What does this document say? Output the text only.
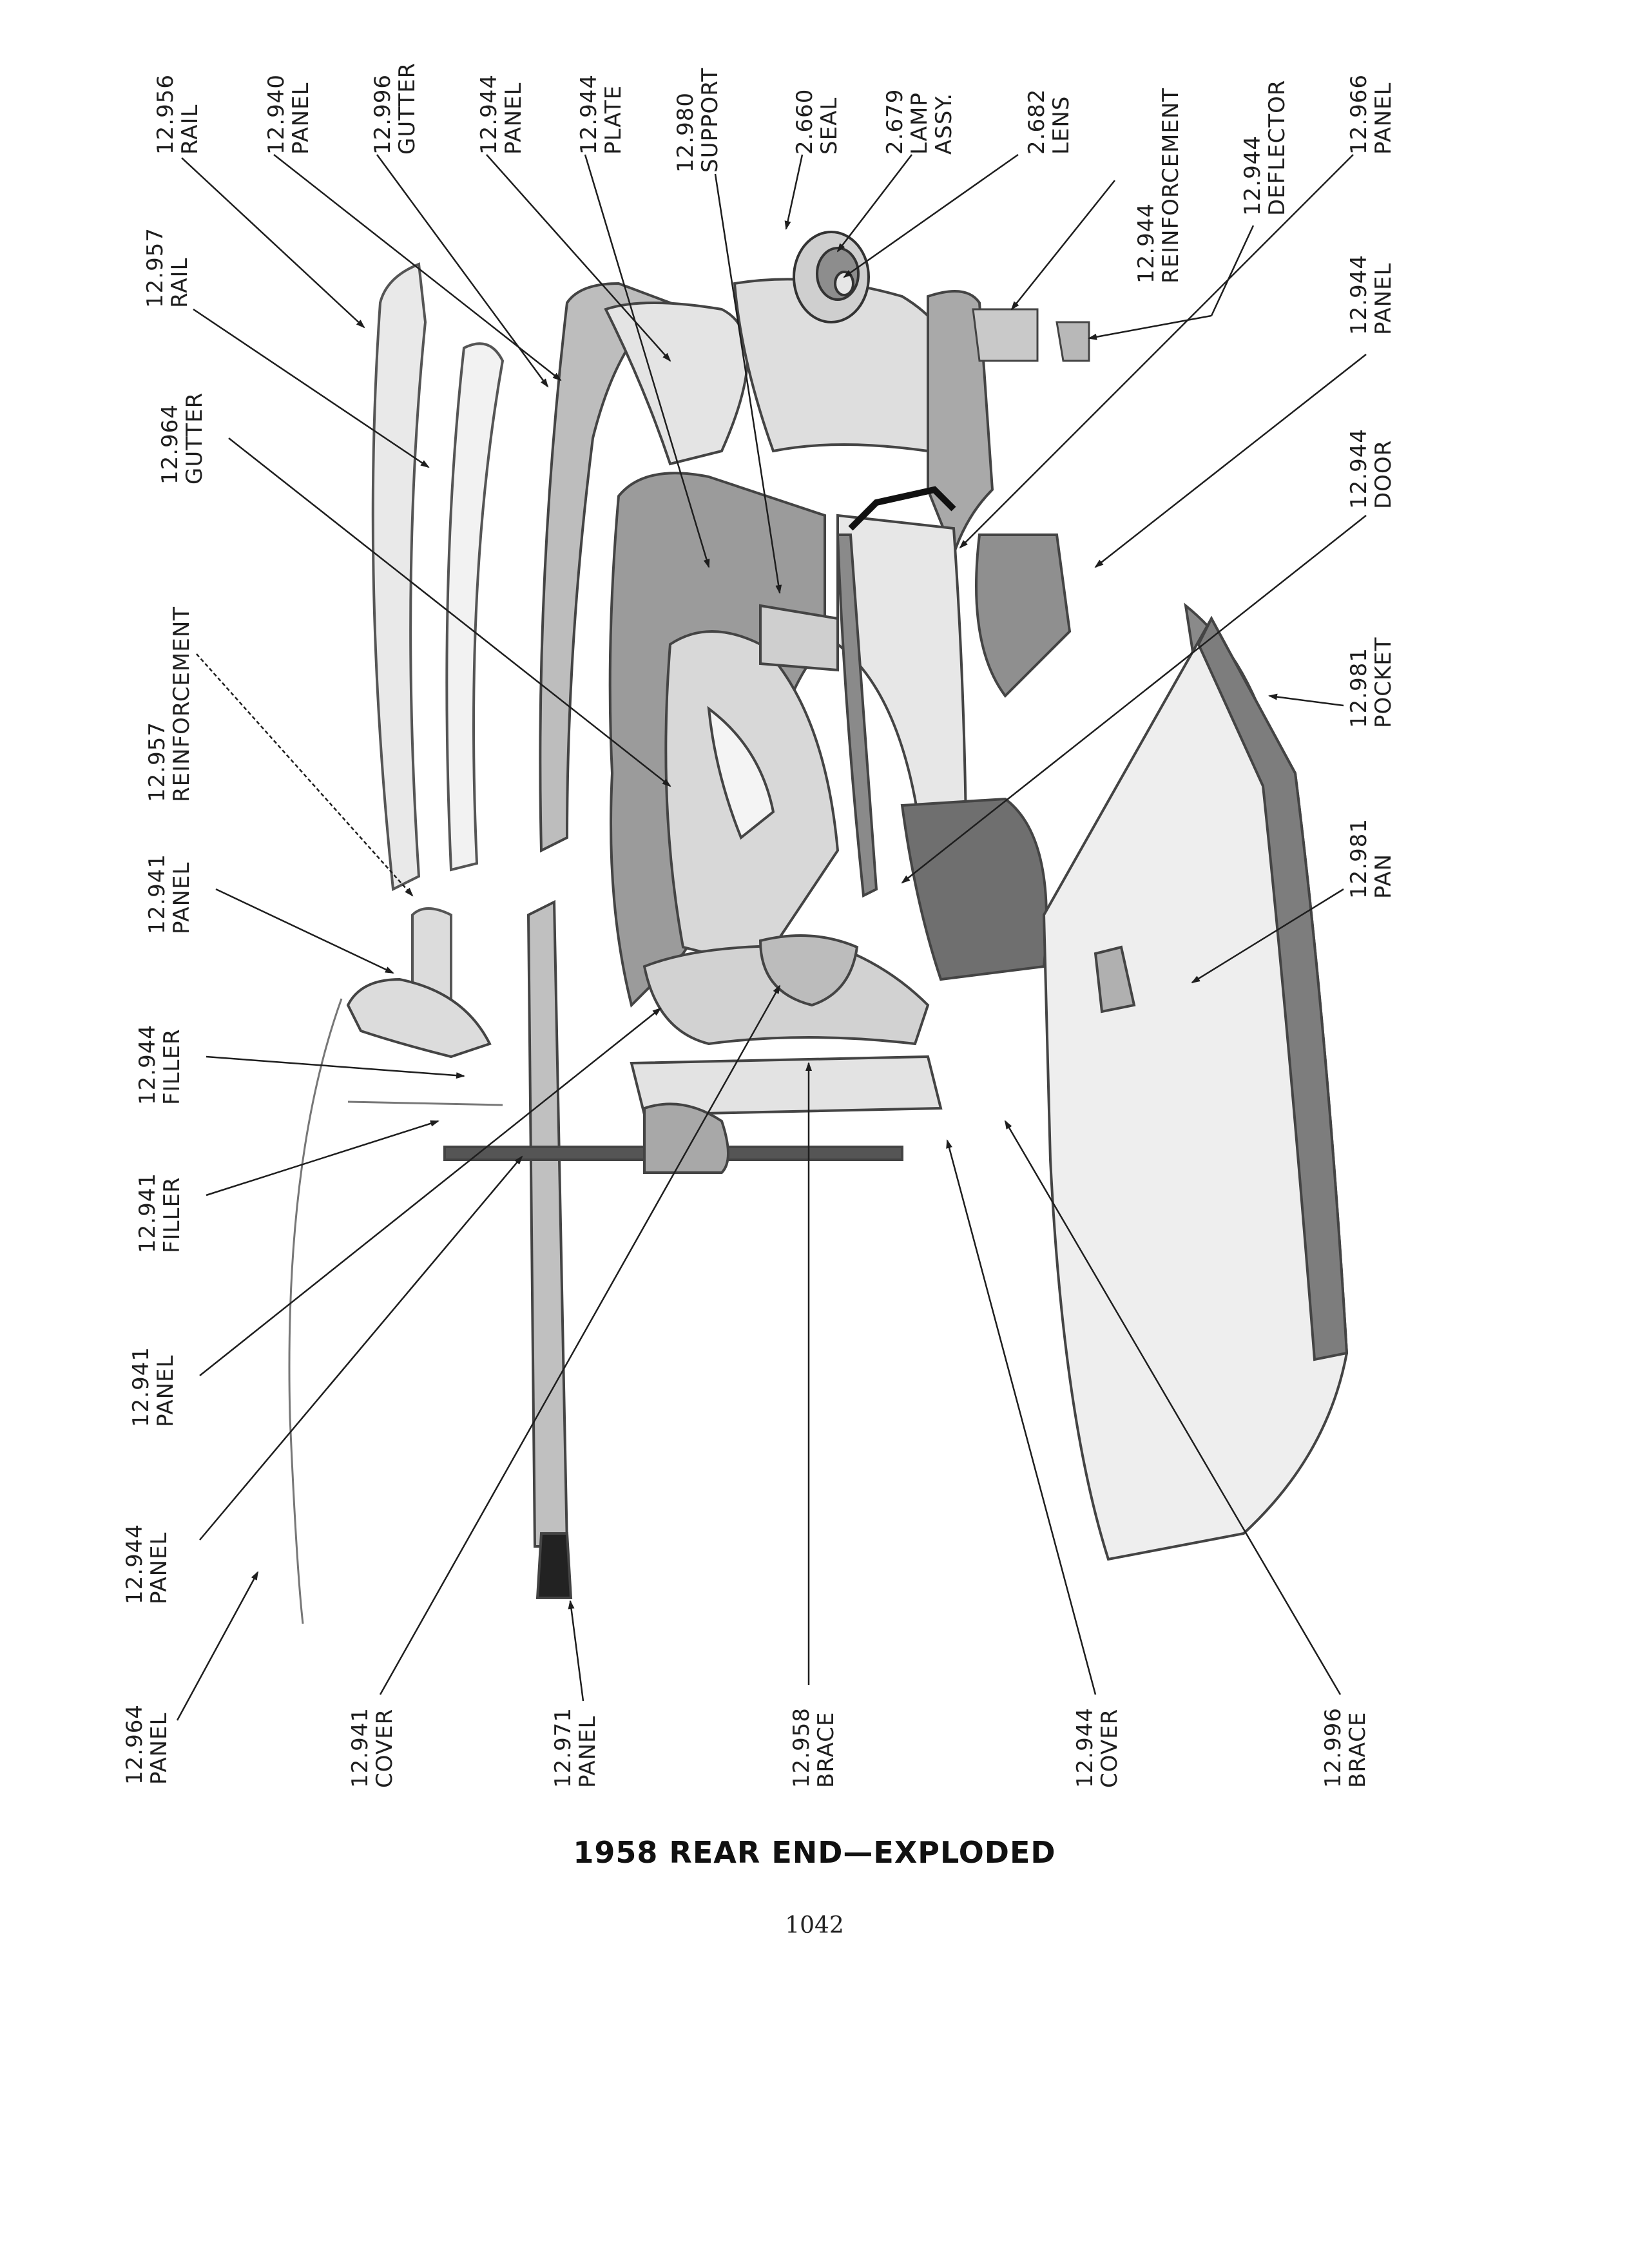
12.956
RAIL	12.940
PANEL	12.996
GUTTER	12.944
PANEL 12.944
PLATE 12.980
SUPPORT	2.660
SEAL 2.679
LAMP
ASSY.	2.682
LENS
12.944
REINFORCEMENT	12.944
DEFLECTOR	12.966
PANEL
12.957
RAIL
12.964
GUTTER
12.944
PANEL
12.944
DOOR
12.957
REINFORCEMENT	12.981
POCKET
12.941
PANEL	12.981
PAN
12.944
FILLER
12.941
FILLER
12.941
PANEL
12.944
PANEL
12.964
PANEL	12.941
COVER	12.971
PANEL	12.958
BRACE	12.944
COVER	12.996
BRACE
1958 REAR END—EXPLODED
1042
